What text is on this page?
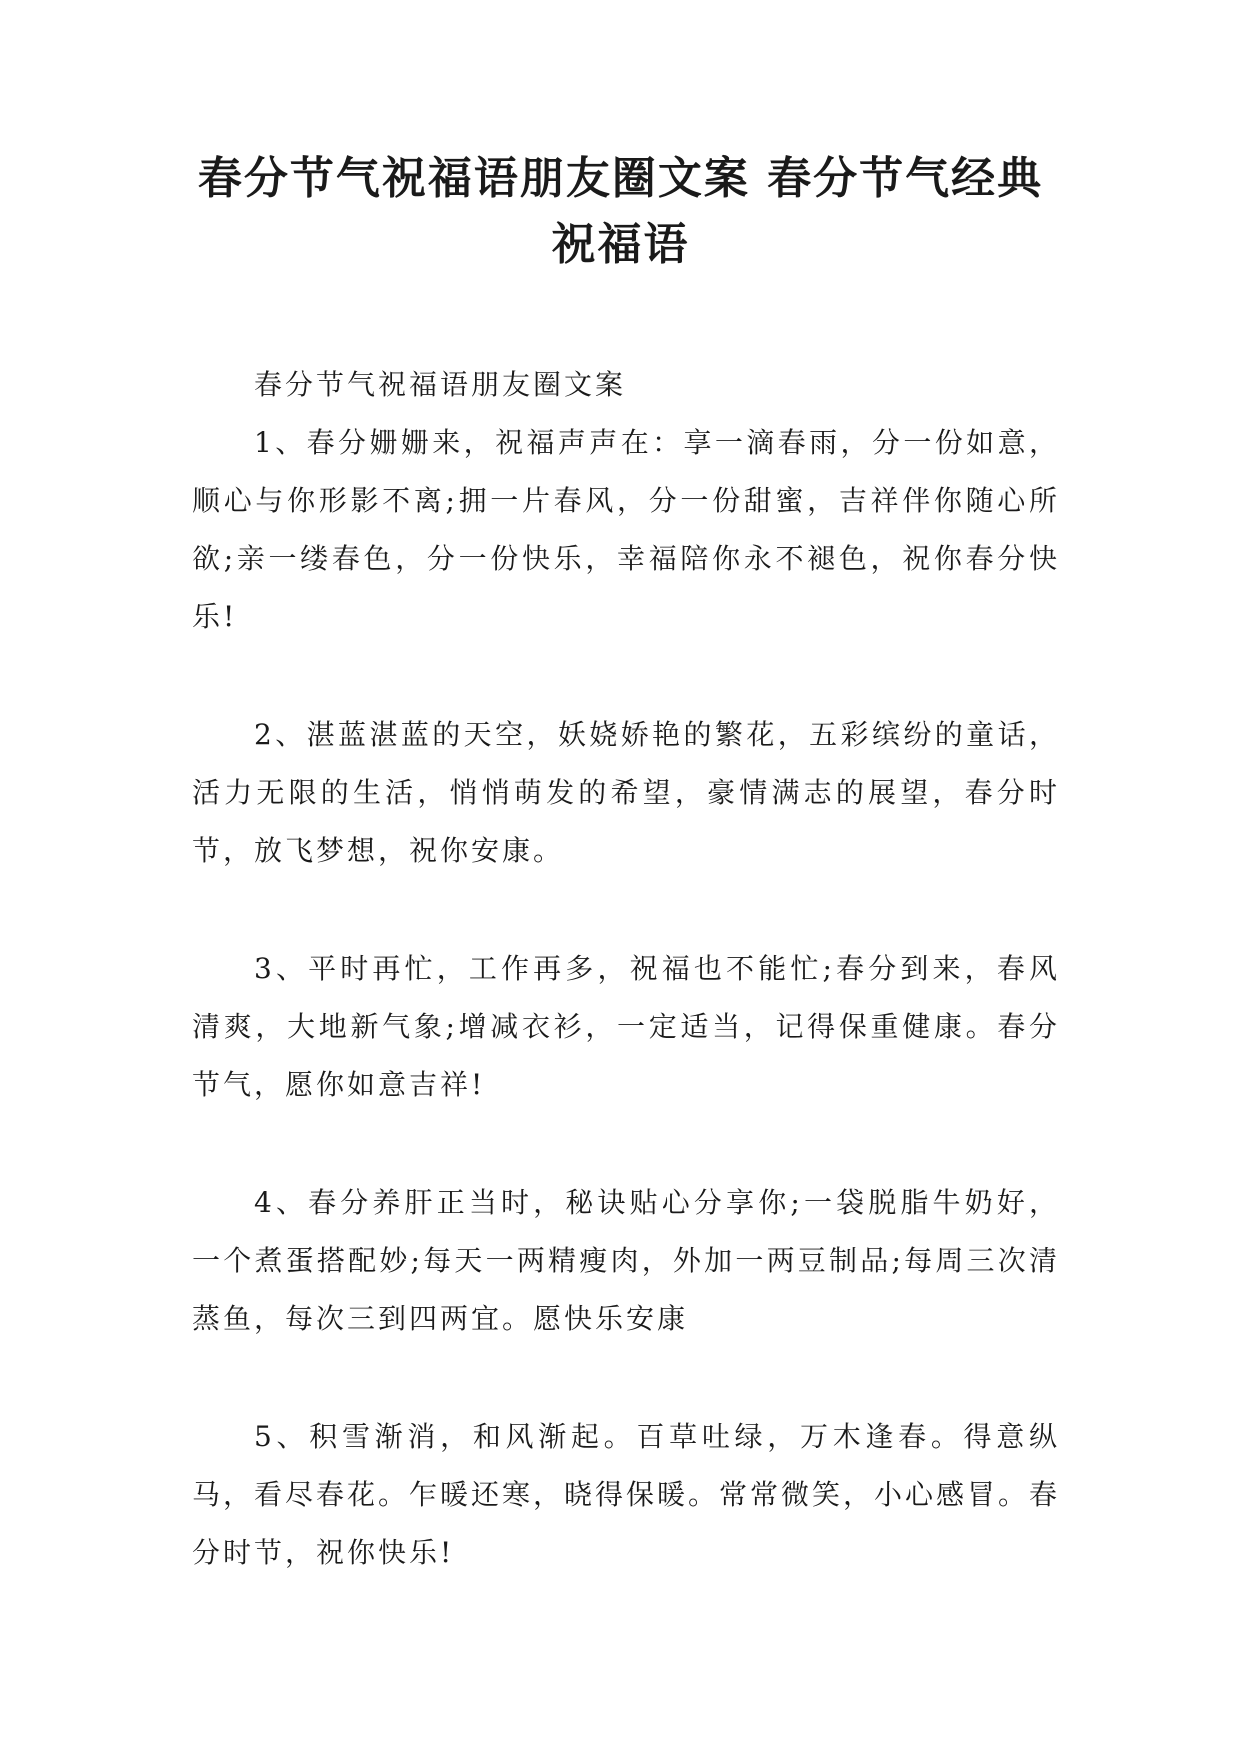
春分节气祝福语朋友圈文案 春分节气经典
祝福语

春分节气祝福语朋友圈文案

1、春分姗姗来，祝福声声在：享一滴春雨，分一份如意，顺心与你形影不离;拥一片春风，分一份甜蜜，吉祥伴你随心所欲;亲一缕春色，分一份快乐，幸福陪你永不褪色，祝你春分快乐!

2、湛蓝湛蓝的天空，妖娆娇艳的繁花，五彩缤纷的童话，活力无限的生活，悄悄萌发的希望，豪情满志的展望，春分时节，放飞梦想，祝你安康。

3、平时再忙，工作再多，祝福也不能忙;春分到来，春风清爽，大地新气象;增减衣衫，一定适当，记得保重健康。春分节气，愿你如意吉祥!

4、春分养肝正当时，秘诀贴心分享你;一袋脱脂牛奶好，一个煮蛋搭配妙;每天一两精瘦肉，外加一两豆制品;每周三次清蒸鱼，每次三到四两宜。愿快乐安康

5、积雪渐消，和风渐起。百草吐绿，万木逢春。得意纵马，看尽春花。乍暖还寒，晓得保暖。常常微笑，小心感冒。春分时节，祝你快乐!
